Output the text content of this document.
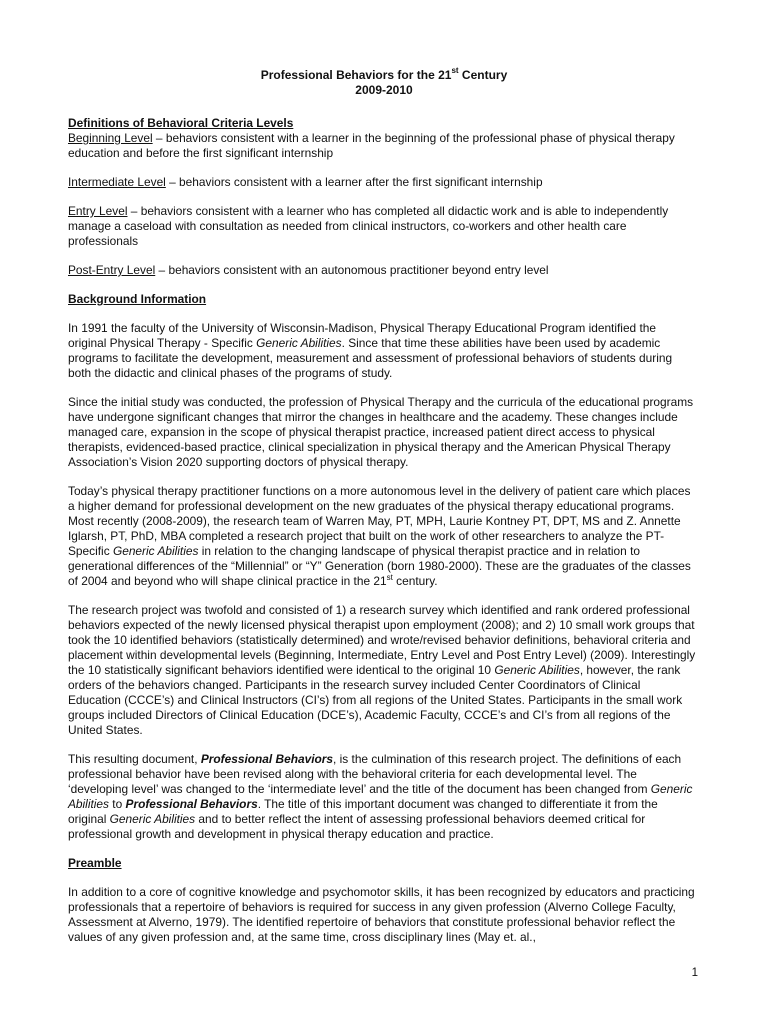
Professional Behaviors for the 21st Century
2009-2010

Definitions of Behavioral Criteria Levels

Beginning Level – behaviors consistent with a learner in the beginning of the professional phase of physical therapy education and before the first significant internship

Intermediate Level – behaviors consistent with a learner after the first significant internship

Entry Level – behaviors consistent with a learner who has completed all didactic work and is able to independently manage a caseload with consultation as needed from clinical instructors, co-workers and other health care professionals

Post-Entry Level – behaviors consistent with an autonomous practitioner beyond entry level

Background Information

In 1991 the faculty of the University of Wisconsin-Madison, Physical Therapy Educational Program identified the original Physical Therapy - Specific Generic Abilities. Since that time these abilities have been used by academic programs to facilitate the development, measurement and assessment of professional behaviors of students during both the didactic and clinical phases of the programs of study.

Since the initial study was conducted, the profession of Physical Therapy and the curricula of the educational programs have undergone significant changes that mirror the changes in healthcare and the academy. These changes include managed care, expansion in the scope of physical therapist practice, increased patient direct access to physical therapists, evidenced-based practice, clinical specialization in physical therapy and the American Physical Therapy Association’s Vision 2020 supporting doctors of physical therapy.

Today’s physical therapy practitioner functions on a more autonomous level in the delivery of patient care which places a higher demand for professional development on the new graduates of the physical therapy educational programs. Most recently (2008-2009), the research team of Warren May, PT, MPH, Laurie Kontney PT, DPT, MS and Z. Annette Iglarsh, PT, PhD, MBA completed a research project that built on the work of other researchers to analyze the PT-Specific Generic Abilities in relation to the changing landscape of physical therapist practice and in relation to generational differences of the “Millennial” or “Y” Generation (born 1980-2000). These are the graduates of the classes of 2004 and beyond who will shape clinical practice in the 21st century.

The research project was twofold and consisted of 1) a research survey which identified and rank ordered professional behaviors expected of the newly licensed physical therapist upon employment (2008); and 2) 10 small work groups that took the 10 identified behaviors (statistically determined) and wrote/revised behavior definitions, behavioral criteria and placement within developmental levels (Beginning, Intermediate, Entry Level and Post Entry Level) (2009). Interestingly the 10 statistically significant behaviors identified were identical to the original 10 Generic Abilities, however, the rank orders of the behaviors changed. Participants in the research survey included Center Coordinators of Clinical Education (CCCE’s) and Clinical Instructors (CI’s) from all regions of the United States. Participants in the small work groups included Directors of Clinical Education (DCE’s), Academic Faculty, CCCE’s and CI’s from all regions of the United States.

This resulting document, Professional Behaviors, is the culmination of this research project. The definitions of each professional behavior have been revised along with the behavioral criteria for each developmental level. The ‘developing level’ was changed to the ‘intermediate level’ and the title of the document has been changed from Generic Abilities to Professional Behaviors. The title of this important document was changed to differentiate it from the original Generic Abilities and to better reflect the intent of assessing professional behaviors deemed critical for professional growth and development in physical therapy education and practice.

Preamble

In addition to a core of cognitive knowledge and psychomotor skills, it has been recognized by educators and practicing professionals that a repertoire of behaviors is required for success in any given profession (Alverno College Faculty, Assessment at Alverno, 1979). The identified repertoire of behaviors that constitute professional behavior reflect the values of any given profession and, at the same time, cross disciplinary lines (May et. al.,

1
